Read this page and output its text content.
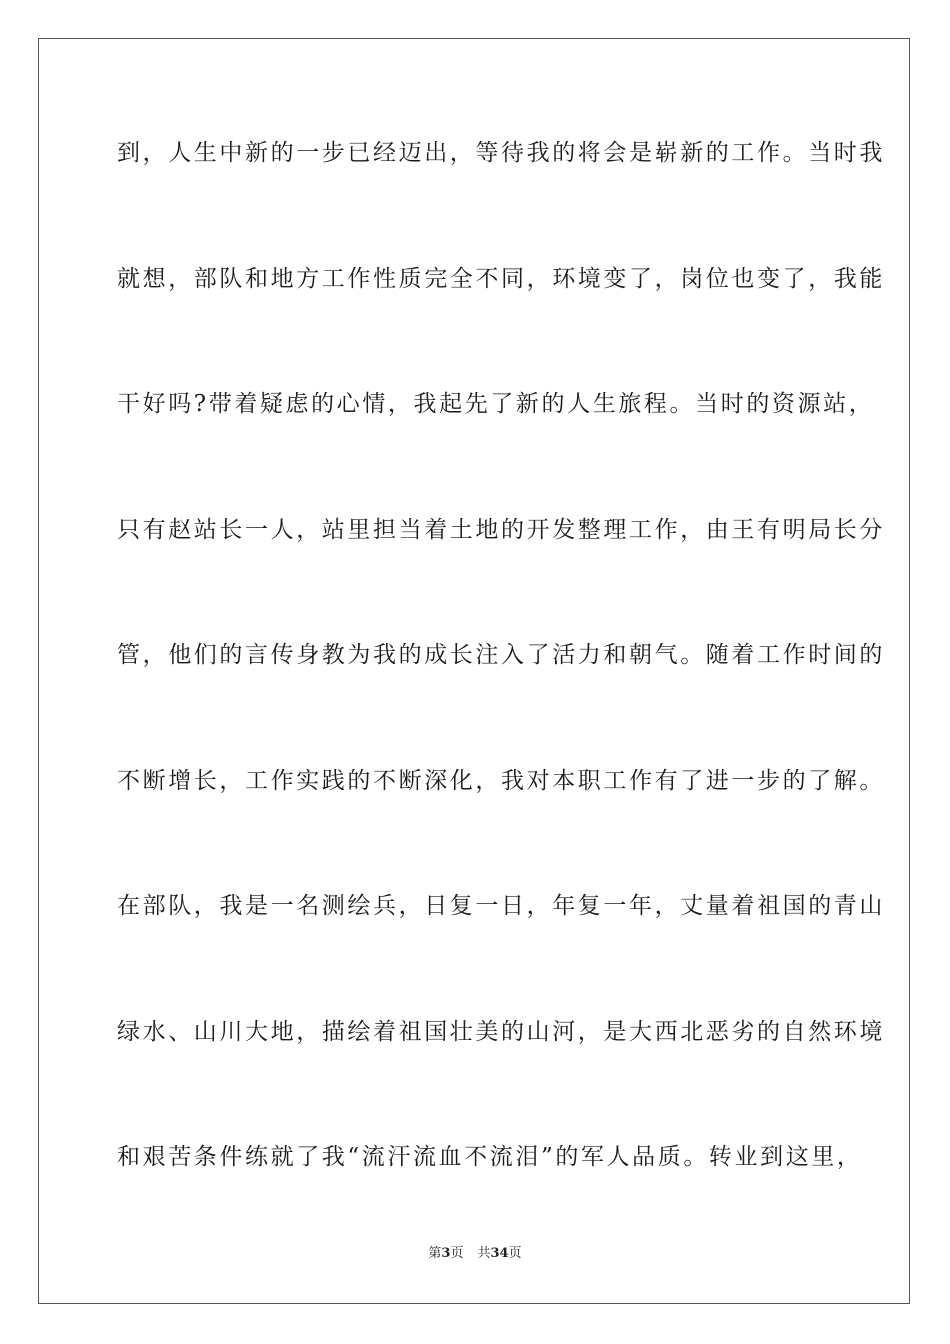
到，人生中新的一步已经迈出，等待我的将会是崭新的工作。当时我
就想，部队和地方工作性质完全不同，环境变了，岗位也变了，我能
干好吗?带着疑虑的心情，我起先了新的人生旅程。当时的资源站，
只有赵站长一人，站里担当着土地的开发整理工作，由王有明局长分
管，他们的言传身教为我的成长注入了活力和朝气。随着工作时间的
不断增长，工作实践的不断深化，我对本职工作有了进一步的了解。
在部队，我是一名测绘兵，日复一日，年复一年，丈量着祖国的青山
绿水、山川大地，描绘着祖国壮美的山河，是大西北恶劣的自然环境
和艰苦条件练就了我“流汗流血不流泪”的军人品质。转业到这里，
第3页 共34页
